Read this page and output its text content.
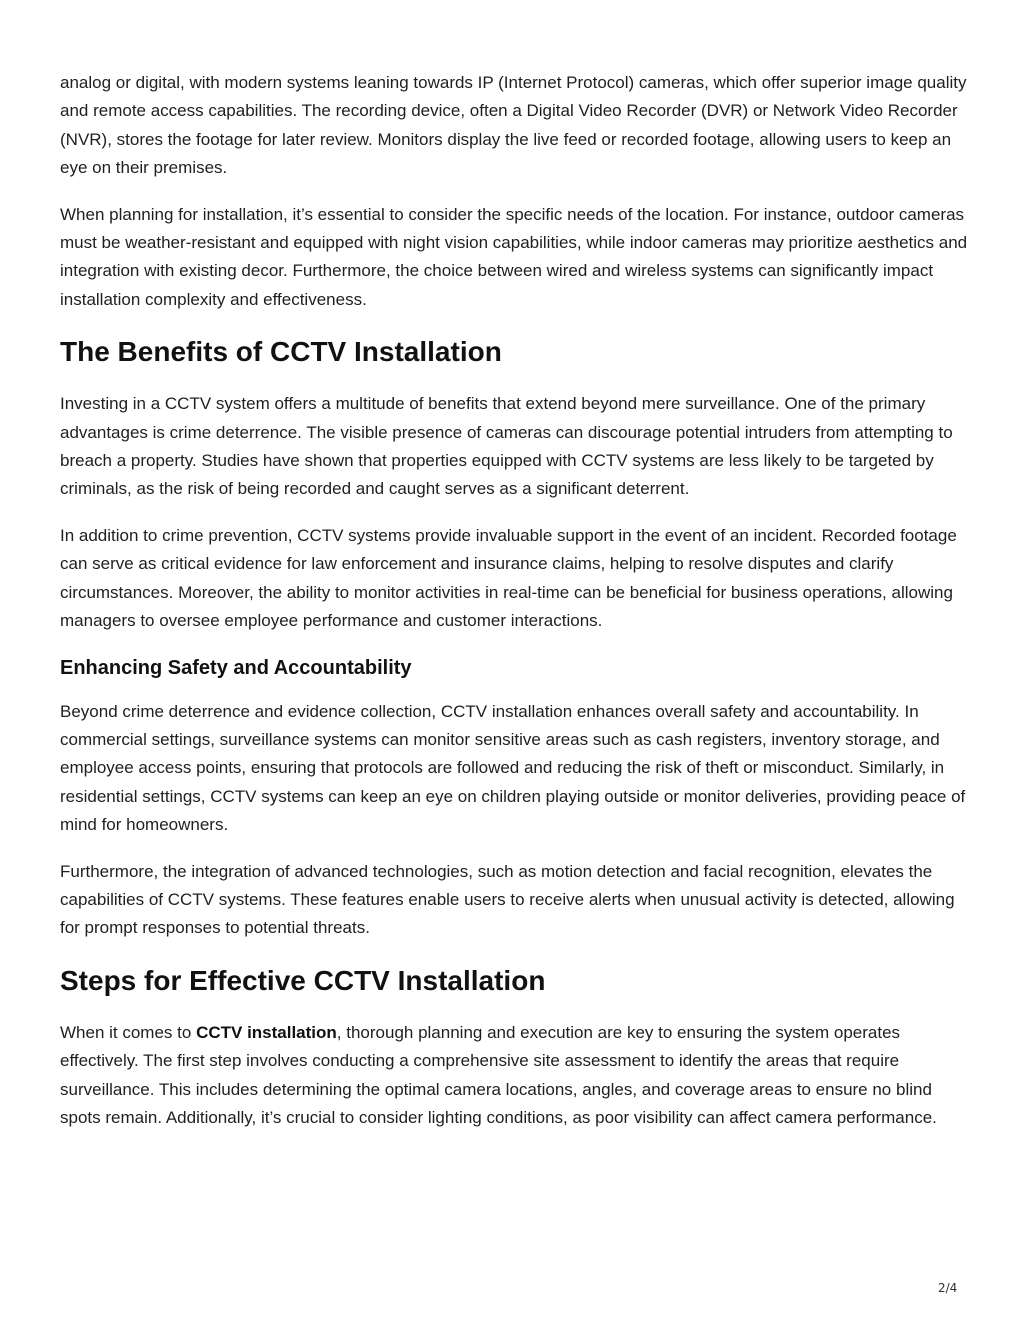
analog or digital, with modern systems leaning towards IP (Internet Protocol) cameras, which offer superior image quality and remote access capabilities. The recording device, often a Digital Video Recorder (DVR) or Network Video Recorder (NVR), stores the footage for later review. Monitors display the live feed or recorded footage, allowing users to keep an eye on their premises.

When planning for installation, it’s essential to consider the specific needs of the location. For instance, outdoor cameras must be weather-resistant and equipped with night vision capabilities, while indoor cameras may prioritize aesthetics and integration with existing decor. Furthermore, the choice between wired and wireless systems can significantly impact installation complexity and effectiveness.

The Benefits of CCTV Installation

Investing in a CCTV system offers a multitude of benefits that extend beyond mere surveillance. One of the primary advantages is crime deterrence. The visible presence of cameras can discourage potential intruders from attempting to breach a property. Studies have shown that properties equipped with CCTV systems are less likely to be targeted by criminals, as the risk of being recorded and caught serves as a significant deterrent.

In addition to crime prevention, CCTV systems provide invaluable support in the event of an incident. Recorded footage can serve as critical evidence for law enforcement and insurance claims, helping to resolve disputes and clarify circumstances. Moreover, the ability to monitor activities in real-time can be beneficial for business operations, allowing managers to oversee employee performance and customer interactions.

Enhancing Safety and Accountability

Beyond crime deterrence and evidence collection, CCTV installation enhances overall safety and accountability. In commercial settings, surveillance systems can monitor sensitive areas such as cash registers, inventory storage, and employee access points, ensuring that protocols are followed and reducing the risk of theft or misconduct. Similarly, in residential settings, CCTV systems can keep an eye on children playing outside or monitor deliveries, providing peace of mind for homeowners.

Furthermore, the integration of advanced technologies, such as motion detection and facial recognition, elevates the capabilities of CCTV systems. These features enable users to receive alerts when unusual activity is detected, allowing for prompt responses to potential threats.

Steps for Effective CCTV Installation

When it comes to CCTV installation, thorough planning and execution are key to ensuring the system operates effectively. The first step involves conducting a comprehensive site assessment to identify the areas that require surveillance. This includes determining the optimal camera locations, angles, and coverage areas to ensure no blind spots remain. Additionally, it’s crucial to consider lighting conditions, as poor visibility can affect camera performance.

2/4
